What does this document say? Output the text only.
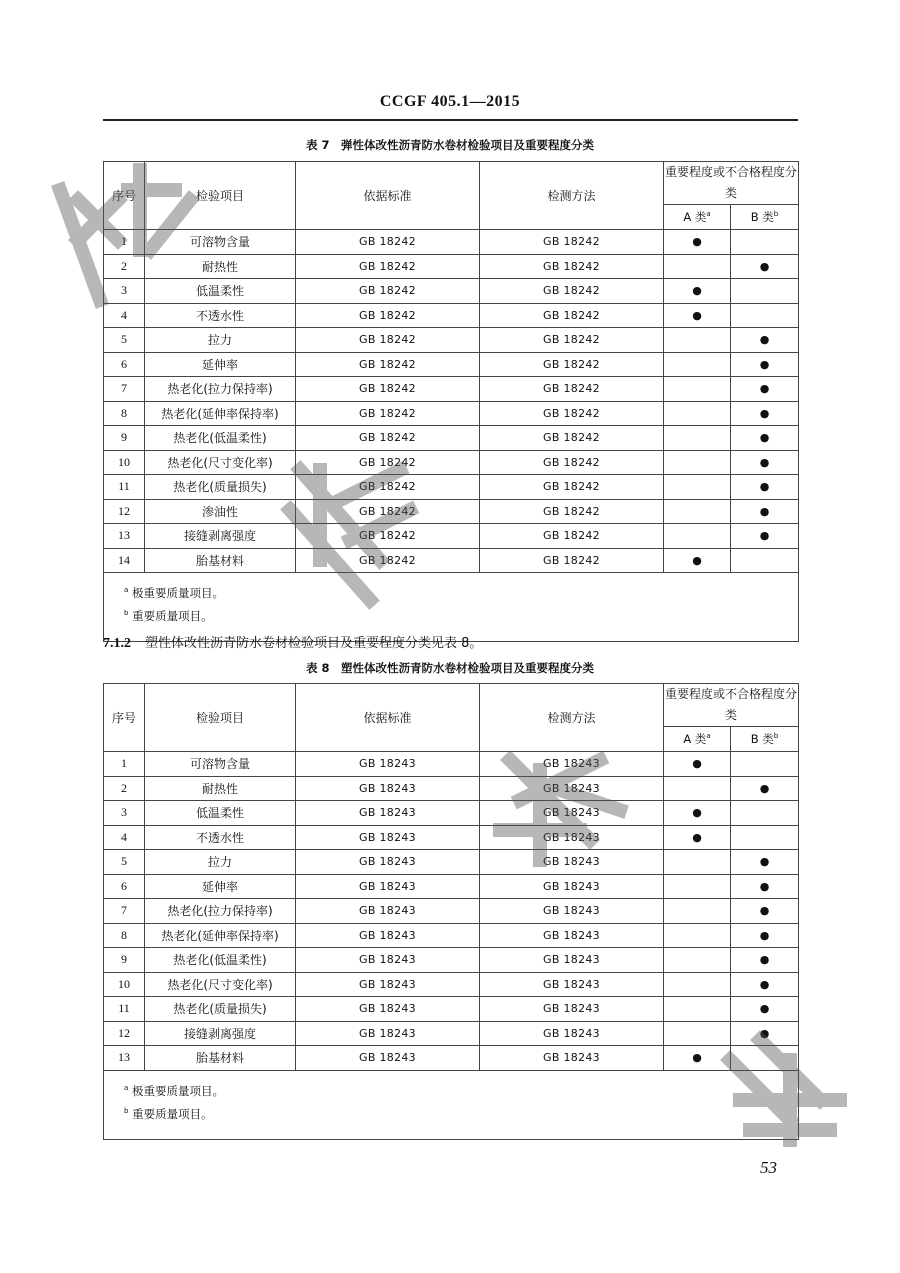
CCGF 405.1—2015
表 7　弹性体改性沥青防水卷材检验项目及重要程度分类
序号	检验项目	依据标准	检测方法	重要程度或不合格程度分类	
				A 类$^a$	B 类$^b$
1	可溶物含量	GB 18242	GB 18242	●	
2	耐热性	GB 18242	GB 18242		●
3	低温柔性	GB 18242	GB 18242	●	
4	不透水性	GB 18242	GB 18242	●	
5	拉力	GB 18242	GB 18242		●
6	延伸率	GB 18242	GB 18242		●
7	热老化(拉力保持率)	GB 18242	GB 18242		●
8	热老化(延伸率保持率)	GB 18242	GB 18242		●
9	热老化(低温柔性)	GB 18242	GB 18242		●
10	热老化(尺寸变化率)	GB 18242	GB 18242		●
11	热老化(质量损失)	GB 18242	GB 18242		●
12	渗油性	GB 18242	GB 18242		●
13	接缝剥离强度	GB 18242	GB 18242		●
14	胎基材料	GB 18242	GB 18242	●	

$^a$ 极重要质量项目。
$^b$ 重要质量项目。					
7.1.2 塑性体改性沥青防水卷材检验项目及重要程度分类见表 8。
表 8　塑性体改性沥青防水卷材检验项目及重要程度分类
序号	检验项目	依据标准	检测方法	重要程度或不合格程度分类	
				A 类$^a$	B 类$^b$
1	可溶物含量	GB 18243	GB 18243	●	
2	耐热性	GB 18243	GB 18243		●
3	低温柔性	GB 18243	GB 18243	●	
4	不透水性	GB 18243	GB 18243	●	
5	拉力	GB 18243	GB 18243		●
6	延伸率	GB 18243	GB 18243		●
7	热老化(拉力保持率)	GB 18243	GB 18243		●
8	热老化(延伸率保持率)	GB 18243	GB 18243		●
9	热老化(低温柔性)	GB 18243	GB 18243		●
10	热老化(尺寸变化率)	GB 18243	GB 18243		●
11	热老化(质量损失)	GB 18243	GB 18243		●
12	接缝剥离强度	GB 18243	GB 18243		●
13	胎基材料	GB 18243	GB 18243	●	

$^a$ 极重要质量项目。
$^b$ 重要质量项目。					
53
